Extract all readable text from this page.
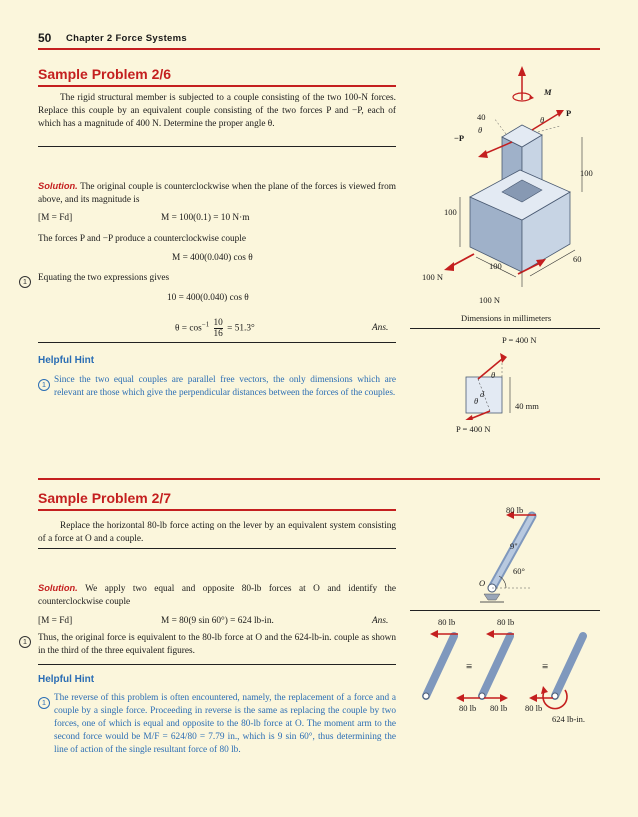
50 Chapter 2 Force Systems
Sample Problem 2/6
The rigid structural member is subjected to a couple consisting of the two 100-N forces. Replace this couple by an equivalent couple consisting of the two forces P and −P, each of which has a magnitude of 400 N. Determine the proper angle θ.
Solution. The original couple is counterclockwise when the plane of the forces is viewed from above, and its magnitude is
[M = Fd]	M = 100(0.1) = 10 N·m
The forces P and −P produce a counterclockwise couple
M = 400(0.040) cos θ
1	Equating the two expressions gives
10 = 400(0.040) cos θ
$\theta = \cos^{-1} \frac{10}{16} = 51.3^\circ$	Ans.
Helpful Hint
1 Since the two equal couples are parallel free vectors, the only dimensions which are relevant are those which give the perpendicular distances between the forces of the couples.
M
P
−P
40	θ
θ
100
100
100
60
100 N
100 N
Dimensions in millimeters
P = 400 N
θ
40 mm
d
θ
P = 400 N
Sample Problem 2/7
Replace the horizontal 80-lb force acting on the lever by an equivalent system consisting of a force at O and a couple.
Solution. We apply two equal and opposite 80-lb forces at O and identify the counterclockwise couple
[M = Fd]	M = 80(9 sin 60°) = 624 lb-in.	Ans.
1	Thus, the original force is equivalent to the 80-lb force at O and the 624-lb-in. couple as shown in the third of the three equivalent figures.
Helpful Hint
1 The reverse of this problem is often encountered, namely, the replacement of a force and a couple by a single force. Proceeding in reverse is the same as replacing the couple by two forces, one of which is equal and opposite to the 80-lb force at O. The moment arm to the second force would be M/F = 624/80 = 7.79 in., which is 9 sin 60°, thus determining the line of action of the single resultant force of 80 lb.
80 lb
9"
60°
O
80 lb	80 lb
80 lb 80 lb 80 lb
624 lb-in.
≡	≡
